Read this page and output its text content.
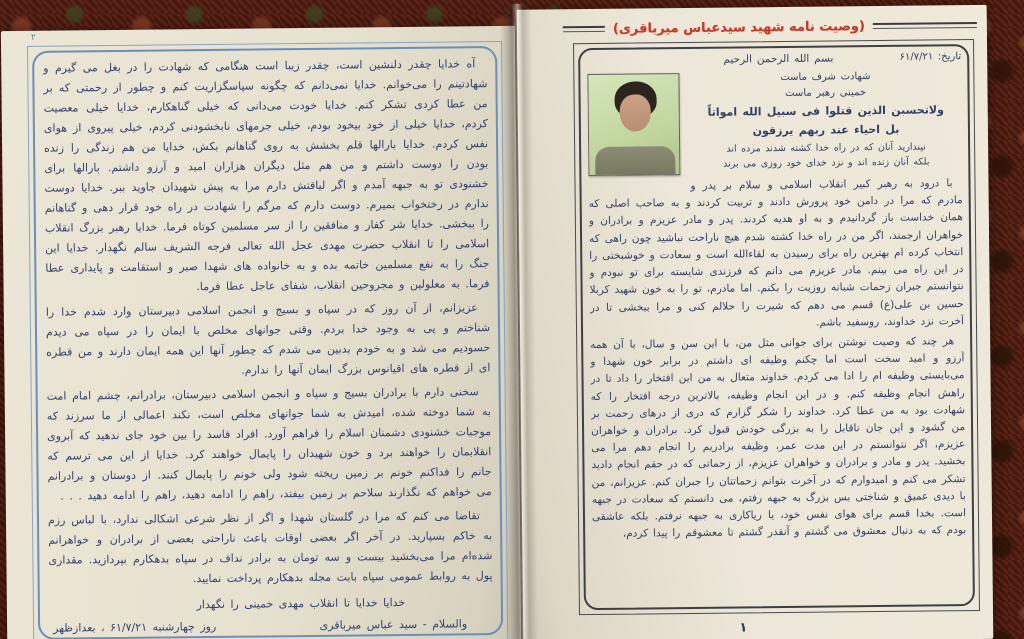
۲

آه خدایا چقدر دلنشین است، چقدر زیبا است هنگامی که شهادت را در بغل می گیرم و شهادتینم را می‌خوانم. خدایا نمی‌دانم که چگونه سپاسگزاریت کنم و چطور از رحمتی که بر من عطا کردی تشکر کنم. خدایا خودت می‌دانی که خیلی گناهکارم، خدایا خیلی معصیت کردم، خدایا خیلی از خود بیخود بودم، خیلی جرمهای نابخشودنی کردم، خیلی پیروی از هوای نفس کردم. خدایا بارالها قلم بخشش به روی گناهانم بکش، خدایا من هم زندگی را زنده بودن را دوست داشتم و من هم مثل دیگران هزاران امید و آرزو داشتم. بارالها برای خشنودی تو به جبهه آمدم و اگر لیاقتش دارم مرا به پیش شهیدان جاوید ببر. خدایا دوست ندارم در رختخواب بمیرم. دوست دارم که مرگم را شهادت در راه خود قرار دهی و گناهانم را ببخشی. خدایا شر کفار و منافقین را از سر مسلمین کوتاه فرما. خدایا رهبر بزرگ انقلاب اسلامی را تا انقلاب حضرت مهدی عجل الله تعالی فرجه الشریف سالم نگهدار. خدایا این جنگ را به نفع مسلمین خاتمه بده و به خانواده های شهدا صبر و استقامت و پایداری عطا فرما. به معلولین و مجروحین انقلاب، شفای عاجل عطا فرما.

عزیزانم، از آن روز که در سپاه و بسیج و انجمن اسلامی دبیرستان وارد شدم خدا را شناختم و پی به وجود خدا بردم. وقتی جوانهای مخلص با ایمان را در سپاه می دیدم حسودیم می شد و به خودم بدبین می شدم که چطور آنها این همه ایمان دارند و من قطره ای از قطره های اقیانوس بزرگ ایمان آنها را ندارم.

سخنی دارم با برادران بسیج و سپاه و انجمن اسلامی دبیرستان، برادرانم، چشم امام امت به شما دوخته شده، امیدش به شما جوانهای مخلص است، نکند اعمالی از ما سرزند که موجبات خشنودی دشمنان اسلام را فراهم آورد. افراد فاسد را بین خود جای ندهید که آبروی انقلابمان را خواهند برد و خون شهیدان را پایمال خواهند کرد. خدایا از این می ترسم که جانم را فداکنم خونم بر زمین ریخته شود ولی خونم را پایمال کنند. از دوستان و برادرانم می خواهم که نگذارند سلاحم بر زمین بیفتد، راهم را ادامه دهید، راهم را ادامه دهید . . .

تقاضا می کنم که مرا در گلستان شهدا و اگر از نظر شرعی اشکالی ندارد، با لباس رزم به خاکم بسپارید. در آخر اگر بعضی اوقات باعث ناراحتی بعضی از برادران و خواهرانم شده‌ام مرا می‌بخشید بیست و سه تومان به برادر نداف در سپاه بدهکارم بپردازید. مقداری پول به روابط عمومی سپاه بابت مجله بدهکارم پرداخت نمایید.

خدایا خدایا تا انقلاب مهدی خمینی را نگهدار
والسلام - سید عباس میرباقری
روز چهارشنبه ۶۱/۷/۲۱ ، بعدازظهر
(وصیت نامه شهید سیدعباس میرباقری)
تاریخ: ۶۱/۷/۲۱
بسم الله الرحمن الرحیم
شهادت شرف ماست
خمینی رهبر ماست
ولاتحسبن الذین قتلوا فی سبیل الله امواتاً
بل احیاء عند ربهم یرزقون
نپندارید آنان که در راه خدا کشته شدند مرده اند
بلکه آنان زنده اند و نزد خدای خود روزی می برند

با درود به رهبر کبیر انقلاب اسلامی و سلام بر پدر و مادرم که مرا در دامن خود پرورش دادند و تربیت کردند و به صاحب اصلی که همان خداست باز گردانیدم و به او هدیه کردند. پدر و مادر عزیزم و برادران و خواهران ارجمند، اگر من در راه خدا کشته شدم هیچ ناراحت نباشید چون راهی که انتخاب کرده ام بهترین راه برای رسیدن به لقاءالله است و سعادت و خوشبختی را در این راه می بینم. مادر عزیزم می دانم که فرزندی شایسته برای تو نبودم و نتوانستم جبران زحمات شبانه روزیت را بکنم. اما مادرم، تو را به خون شهید کربلا حسین بن علی(ع) قسم می دهم که شیرت را حلالم کنی و مرا ببخشی تا در آخرت نزد خداوند، روسفید باشم.

هر چند که وصیت نوشتن برای جوانی مثل من، با این سن و سال، با آن همه آرزو و امید سخت است اما چکنم وظیفه ای داشتم در برابر خون شهدا و می‌بایستی وظیفه ام را ادا می کردم. خداوند متعال به من این افتخار را داد تا در راهش انجام وظیفه کنم. و در این انجام وظیفه، بالاترین درجه افتخار را که شهادت بود به من عطا کرد. خداوند را شکر گزارم که دری از درهای رحمت بر من گشود و این جان ناقابل را به بزرگی خودش قبول کرد. برادران و خواهران عزیزم، اگر نتوانستم در این مدت عمر، وظیفه برادریم را انجام دهم مرا می بخشید. پدر و مادر و برادران و خواهران عزیزم، از زحماتی که در حقم انجام دادید تشکر می کنم و امیدوارم که در آخرت بتوانم زحماتتان را جبران کنم. عزیزانم، من با دیدی عمیق و شناختی بس بزرگ به جبهه رفتم، می دانستم که سعادت در جبهه است. بخدا قسم برای هوای نفس خود، یا ریاکاری به جبهه نرفتم. بلکه عاشقی بودم که به دنبال معشوق می گشتم و آنقدر گشتم تا معشوقم را پیدا کردم،

۱
